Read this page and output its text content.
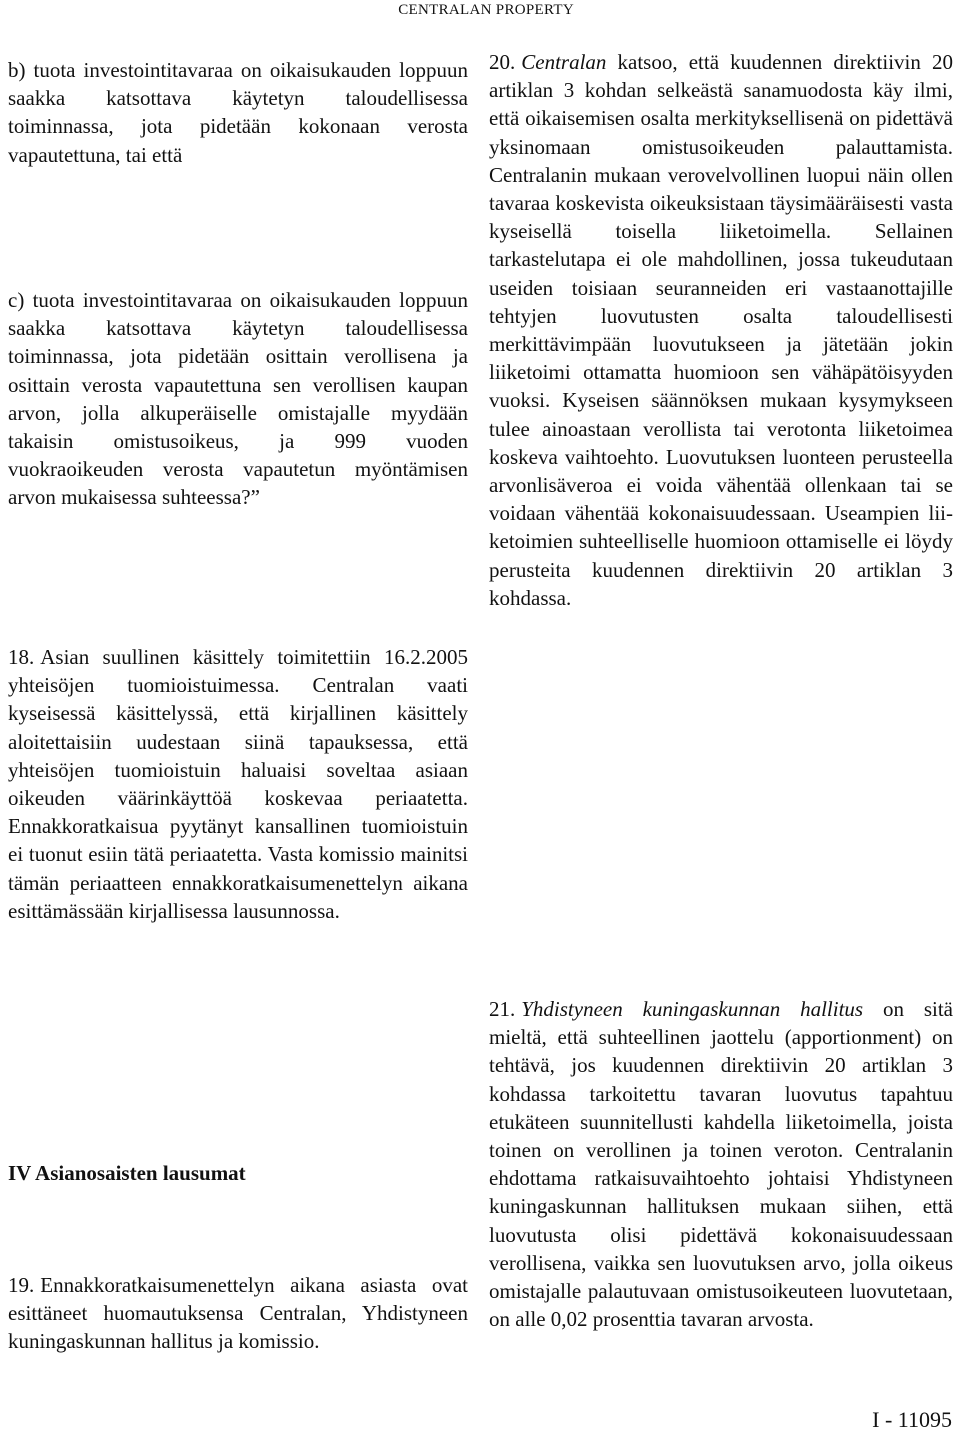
CENTRALAN PROPERTY

b) tuota investointitavaraa on oikaisukauden loppuun saakka katsottava käytetyn taloudellisessa toiminnassa, jota pidetään kokonaan verosta vapautettuna, tai että

c) tuota investointitavaraa on oikaisukauden loppuun saakka katsottava käytetyn taloudellisessa toiminnassa, jota pidetään osittain verollisena ja osittain verosta vapautettuna sen verollisen kaupan arvon, jolla alkuperäiselle omistajalle myydään takaisin omistusoikeus, ja 999 vuoden vuokraoikeuden verosta vapautetun myöntämisen arvon mukaisessa suhteessa?”

18. Asian suullinen käsittely toimitettiin 16.2.2005 yhteisöjen tuomioistuimessa. Centralan vaati kyseisessä käsittelyssä, että kirjallinen käsittely aloitettaisiin uudestaan siinä tapauksessa, että yhteisöjen tuomioistuin haluaisi soveltaa asiaan oikeuden väärinkäyttöä koskevaa periaatetta. Ennakkoratkaisua pyytänyt kansallinen tuomioistuin ei tuonut esiin tätä periaatetta. Vasta komissio mainitsi tämän periaatteen ennakkoratkaisumenettelyn aikana esittämässään kirjallisessa lausunnossa.

IV Asianosaisten lausumat

19. Ennakkoratkaisumenettelyn aikana asiasta ovat esittäneet huomautuksensa Centralan, Yhdistyneen kuningaskunnan hallitus ja komissio.

20. Centralan katsoo, että kuudennen direktiivin 20 artiklan 3 kohdan selkeästä sanamuodosta käy ilmi, että oikaisemisen osalta merkityksellisenä on pidettävä yksinomaan omistusoikeuden palauttamista. Centralanin mukaan verovelvollinen luopui näin ollen tavaraa koskevista oikeuksistaan täysimääräisesti vasta kyseisellä toisella liiketoimella. Sellainen tarkastelutapa ei ole mahdollinen, jossa tukeudutaan useiden toisiaan seuranneiden eri vastaanottajille tehtyjen luovutusten osalta taloudellisesti merkittävimpään luovutukseen ja jätetään jokin liiketoimi ottamatta huomioon sen vähäpätöisyyden vuoksi. Kyseisen säännöksen mukaan kysymykseen tulee ainoastaan verollista tai verotonta liiketoimea koskeva vaihtoehto. Luovutuksen luonteen perusteella arvonlisäveroa ei voida vähentää ollenkaan tai se voidaan vähentää kokonaisuudessaan. Useampien liiketoimien suhteelliselle huomioon ottamiselle ei löydy perusteita kuudennen direktiivin 20 artiklan 3 kohdassa.

21. Yhdistyneen kuningaskunnan hallitus on sitä mieltä, että suhteellinen jaottelu (apportionment) on tehtävä, jos kuudennen direktiivin 20 artiklan 3 kohdassa tarkoitettu tavaran luovutus tapahtuu etukäteen suunnitellusti kahdella liiketoimella, joista toinen on verollinen ja toinen veroton. Centralanin ehdottama ratkaisuvaihtoehto johtaisi Yhdistyneen kuningaskunnan hallituksen mukaan siihen, että luovutusta olisi pidettävä kokonaisuudessaan verollisena, vaikka sen luovutuksen arvo, jolla oikeus omistajalle palautuvaan omistusoikeuteen luovutetaan, on alle 0,02 prosenttia tavaran arvosta.

I - 11095
